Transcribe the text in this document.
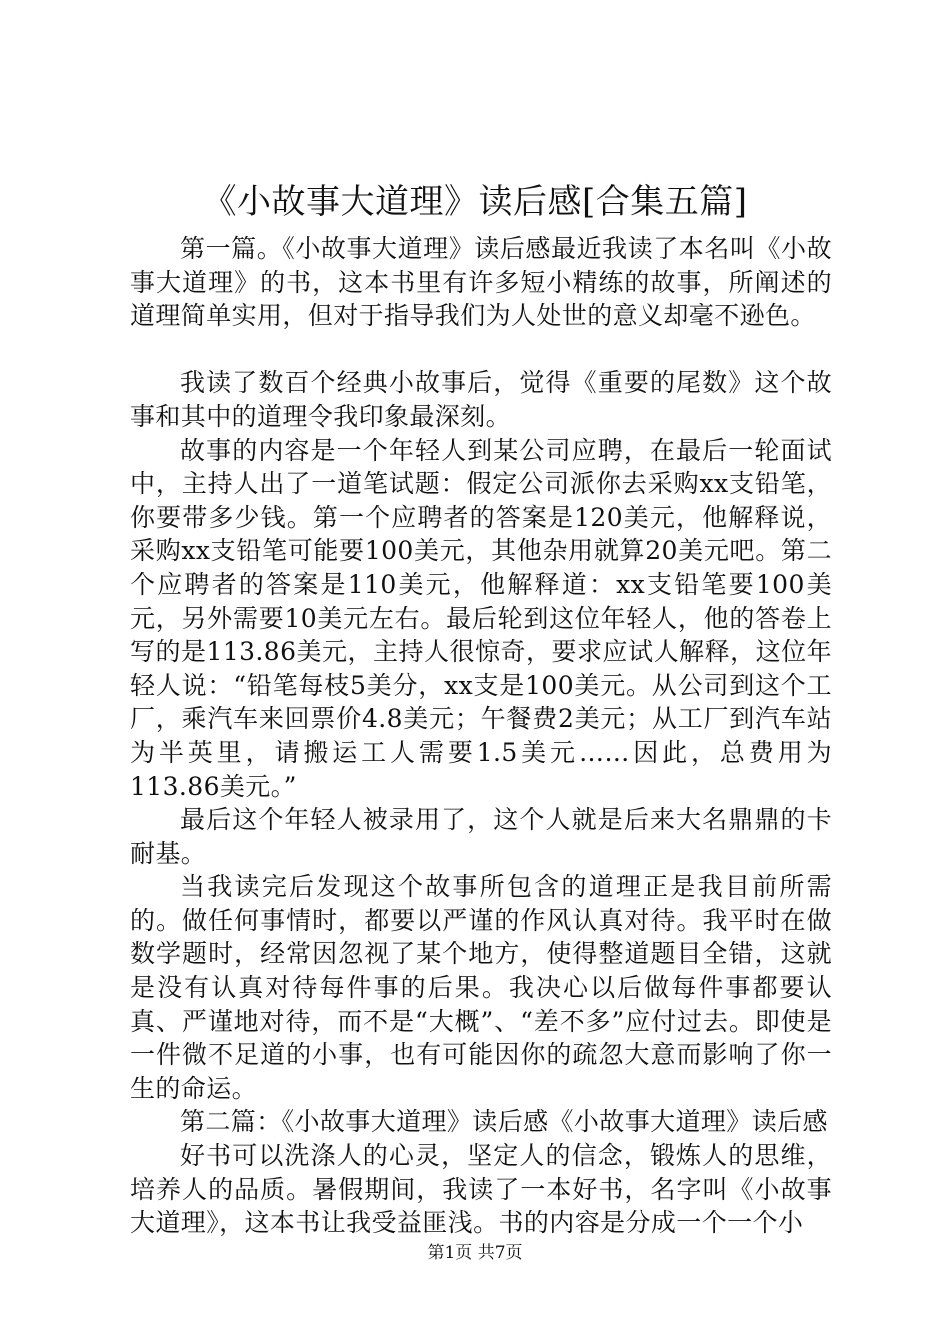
《小故事大道理》读后感[合集五篇]

第一篇。《小故事大道理》读后感最近我读了本名叫《小故事大道理》的书，这本书里有许多短小精练的故事，所阐述的道理简单实用，但对于指导我们为人处世的意义却毫不逊色。

我读了数百个经典小故事后，觉得《重要的尾数》这个故事和其中的道理令我印象最深刻。

故事的内容是一个年轻人到某公司应聘，在最后一轮面试中，主持人出了一道笔试题：假定公司派你去采购xx支铅笔，你要带多少钱。第一个应聘者的答案是120美元，他解释说，采购xx支铅笔可能要100美元，其他杂用就算20美元吧。第二个应聘者的答案是110美元，他解释道：xx支铅笔要100美元，另外需要10美元左右。最后轮到这位年轻人，他的答卷上写的是113.86美元，主持人很惊奇，要求应试人解释，这位年轻人说：“铅笔每枝5美分，xx支是100美元。从公司到这个工厂，乘汽车来回票价4.8美元；午餐费2美元；从工厂到汽车站为半英里，请搬运工人需要1.5美元……因此，总费用为113.86美元。”

最后这个年轻人被录用了，这个人就是后来大名鼎鼎的卡耐基。

当我读完后发现这个故事所包含的道理正是我目前所需的。做任何事情时，都要以严谨的作风认真对待。我平时在做数学题时，经常因忽视了某个地方，使得整道题目全错，这就是没有认真对待每件事的后果。我决心以后做每件事都要认真、严谨地对待，而不是“大概”、“差不多”应付过去。即使是一件微不足道的小事，也有可能因你的疏忽大意而影响了你一生的命运。

第二篇：《小故事大道理》读后感《小故事大道理》读后感

好书可以洗涤人的心灵，坚定人的信念，锻炼人的思维，培养人的品质。暑假期间，我读了一本好书，名字叫《小故事大道理》，这本书让我受益匪浅。书的内容是分成一个一个小

第1页 共7页
